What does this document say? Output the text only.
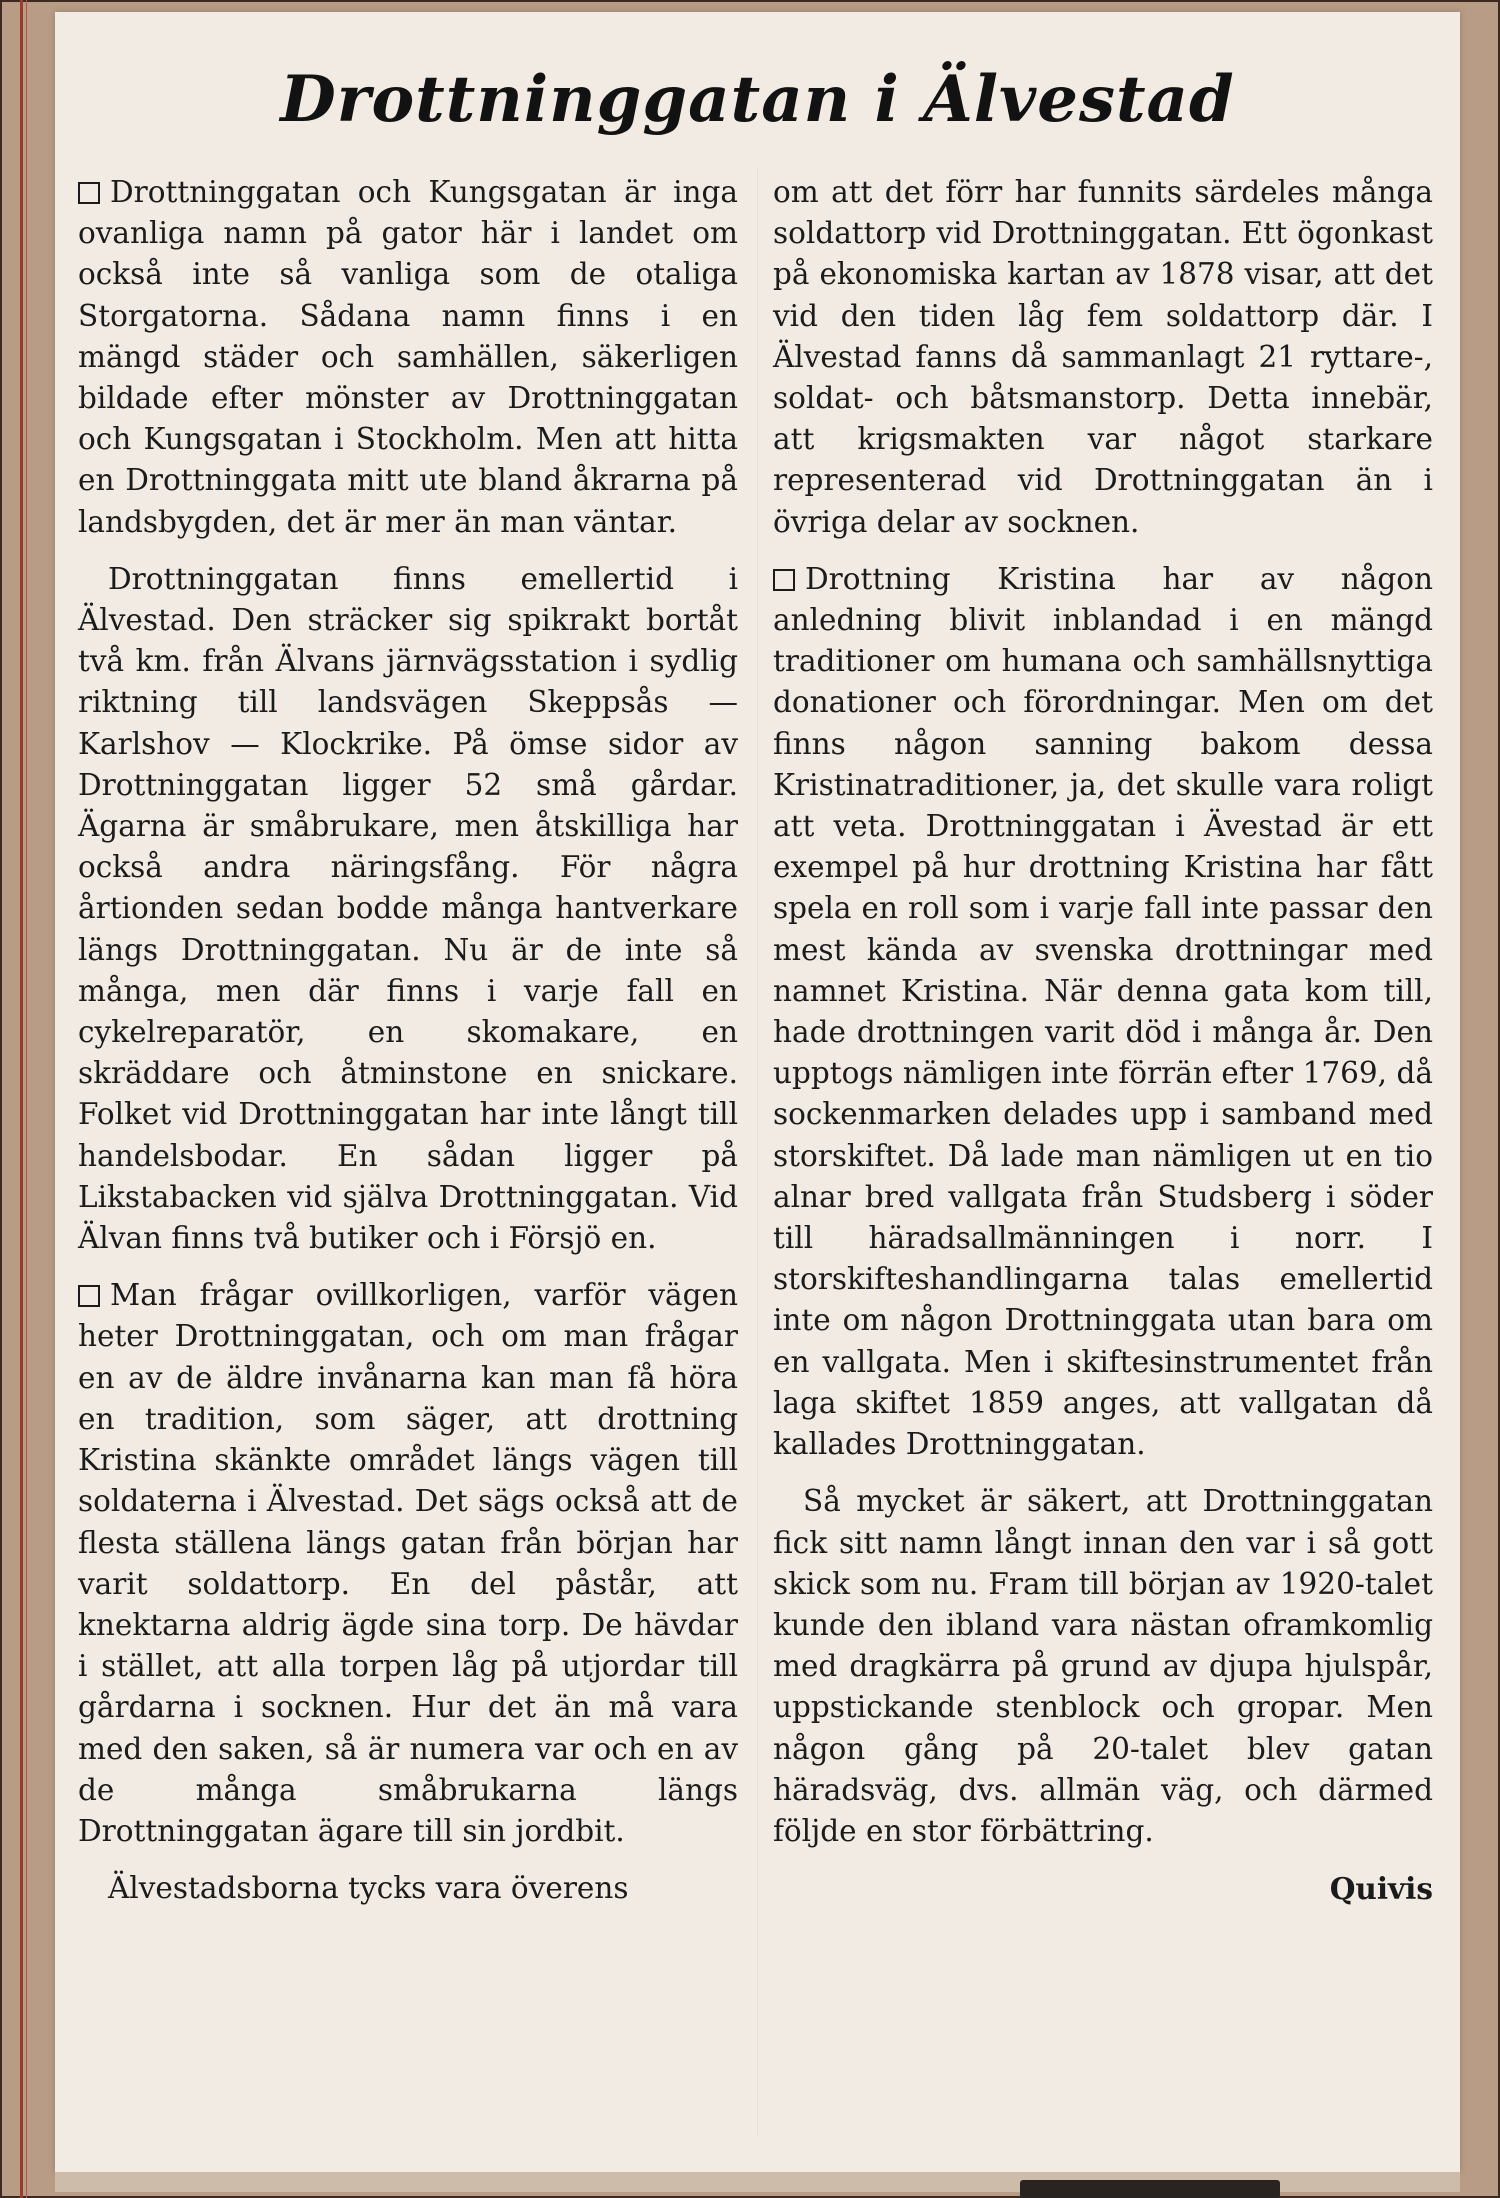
Drottninggatan i Älvestad

Drottninggatan och Kungsgatan är inga ovanliga namn på gator här i landet om också inte så vanliga som de otaliga Storgatorna. Sådana namn finns i en mängd städer och samhällen, säkerligen bildade efter mönster av Drottninggatan och Kungsgatan i Stockholm. Men att hitta en Drottninggata mitt ute bland åkrarna på landsbygden, det är mer än man väntar.

Drottninggatan finns emellertid i Älvestad. Den sträcker sig spikrakt bortåt två km. från Älvans järnvägsstation i sydlig riktning till landsvägen Skeppsås — Karlshov — Klockrike. På ömse sidor av Drottninggatan ligger 52 små gårdar. Ägarna är småbrukare, men åtskilliga har också andra näringsfång. För några årtionden sedan bodde många hantverkare längs Drottninggatan. Nu är de inte så många, men där finns i varje fall en cykelreparatör, en skomakare, en skräddare och åtminstone en snickare. Folket vid Drottninggatan har inte långt till handelsbodar. En sådan ligger på Likstabacken vid själva Drottninggatan. Vid Älvan finns två butiker och i Försjö en.

Man frågar ovillkorligen, varför vägen heter Drottninggatan, och om man frågar en av de äldre invånarna kan man få höra en tradition, som säger, att drottning Kristina skänkte området längs vägen till soldaterna i Älvestad. Det sägs också att de flesta ställena längs gatan från början har varit soldattorp. En del påstår, att knektarna aldrig ägde sina torp. De hävdar i stället, att alla torpen låg på utjordar till gårdarna i socknen. Hur det än må vara med den saken, så är numera var och en av de många småbrukarna längs Drottninggatan ägare till sin jordbit.

Älvestadsborna tycks vara överens

om att det förr har funnits särdeles många soldattorp vid Drottninggatan. Ett ögonkast på ekonomiska kartan av 1878 visar, att det vid den tiden låg fem soldattorp där. I Älvestad fanns då sammanlagt 21 ryttare-, soldat- och båtsmanstorp. Detta innebär, att krigsmakten var något starkare representerad vid Drottninggatan än i övriga delar av socknen.

Drottning Kristina har av någon anledning blivit inblandad i en mängd traditioner om humana och samhällsnyttiga donationer och förordningar. Men om det finns någon sanning bakom dessa Kristinatraditioner, ja, det skulle vara roligt att veta. Drottninggatan i Ävestad är ett exempel på hur drottning Kristina har fått spela en roll som i varje fall inte passar den mest kända av svenska drottningar med namnet Kristina. När denna gata kom till, hade drottningen varit död i många år. Den upptogs nämligen inte förrän efter 1769, då sockenmarken delades upp i samband med storskiftet. Då lade man nämligen ut en tio alnar bred vallgata från Studsberg i söder till häradsallmänningen i norr. I storskifteshandlingarna talas emellertid inte om någon Drottninggata utan bara om en vallgata. Men i skiftesinstrumentet från laga skiftet 1859 anges, att vallgatan då kallades Drottninggatan.

Så mycket är säkert, att Drottninggatan fick sitt namn långt innan den var i så gott skick som nu. Fram till början av 1920-talet kunde den ibland vara nästan oframkomlig med dragkärra på grund av djupa hjulspår, uppstickande stenblock och gropar. Men någon gång på 20-talet blev gatan häradsväg, dvs. allmän väg, och därmed följde en stor förbättring.

Quivis
